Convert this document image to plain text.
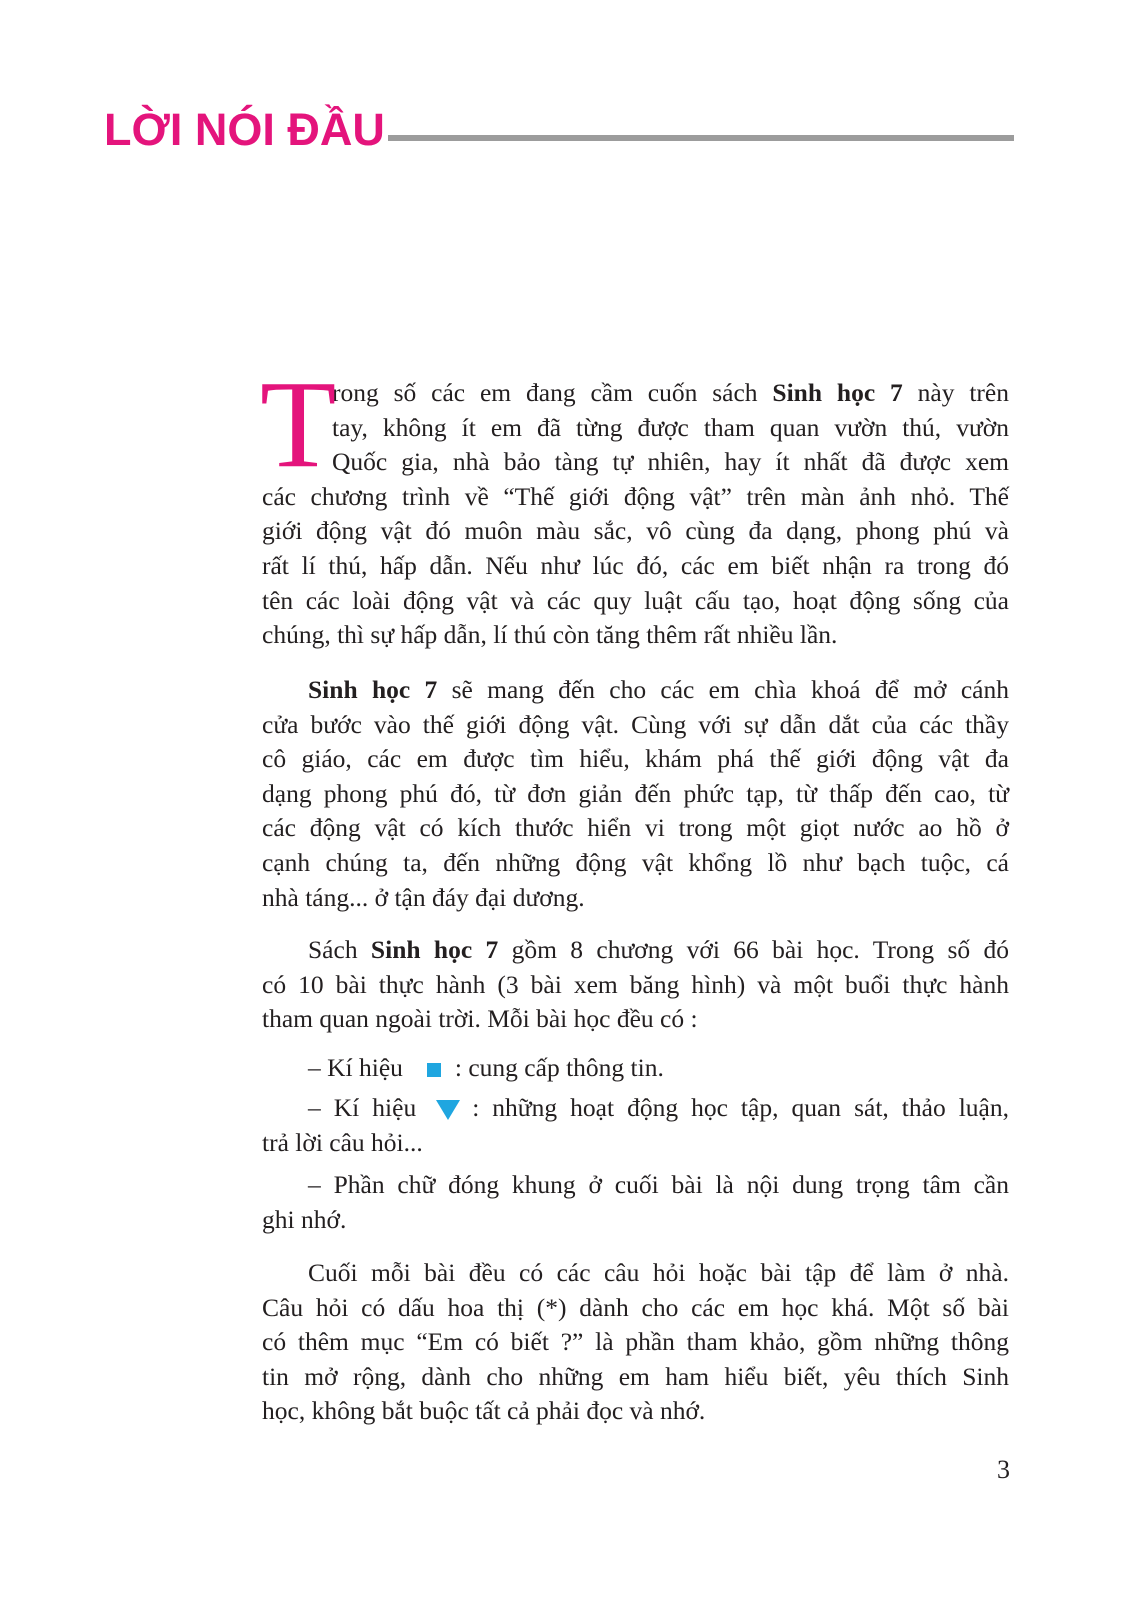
LỜI NÓI ĐẦU
T
rong số các em đang cầm cuốn sách Sinh học 7 này trên
tay, không ít em đã từng được tham quan vườn thú, vườn
Quốc gia, nhà bảo tàng tự nhiên, hay ít nhất đã được xem
các chương trình về “Thế giới động vật” trên màn ảnh nhỏ. Thế
giới động vật đó muôn màu sắc, vô cùng đa dạng, phong phú và
rất lí thú, hấp dẫn. Nếu như lúc đó, các em biết nhận ra trong đó
tên các loài động vật và các quy luật cấu tạo, hoạt động sống của
chúng, thì sự hấp dẫn, lí thú còn tăng thêm rất nhiều lần.
Sinh học 7 sẽ mang đến cho các em chìa khoá để mở cánh
cửa bước vào thế giới động vật. Cùng với sự dẫn dắt của các thầy
cô giáo, các em được tìm hiểu, khám phá thế giới động vật đa
dạng phong phú đó, từ đơn giản đến phức tạp, từ thấp đến cao, từ
các động vật có kích thước hiển vi trong một giọt nước ao hồ ở
cạnh chúng ta, đến những động vật khổng lồ như bạch tuộc, cá
nhà táng... ở tận đáy đại dương.
Sách Sinh học 7 gồm 8 chương với 66 bài học. Trong số đó
có 10 bài thực hành (3 bài xem băng hình) và một buổi thực hành
tham quan ngoài trời. Mỗi bài học đều có :
– Kí hiệu : cung cấp thông tin.
– Kí hiệu : những hoạt động học tập, quan sát, thảo luận,
trả lời câu hỏi...
– Phần chữ đóng khung ở cuối bài là nội dung trọng tâm cần
ghi nhớ.
Cuối mỗi bài đều có các câu hỏi hoặc bài tập để làm ở nhà.
Câu hỏi có dấu hoa thị (*) dành cho các em học khá. Một số bài
có thêm mục “Em có biết ?” là phần tham khảo, gồm những thông
tin mở rộng, dành cho những em ham hiểu biết, yêu thích Sinh
học, không bắt buộc tất cả phải đọc và nhớ.
3
